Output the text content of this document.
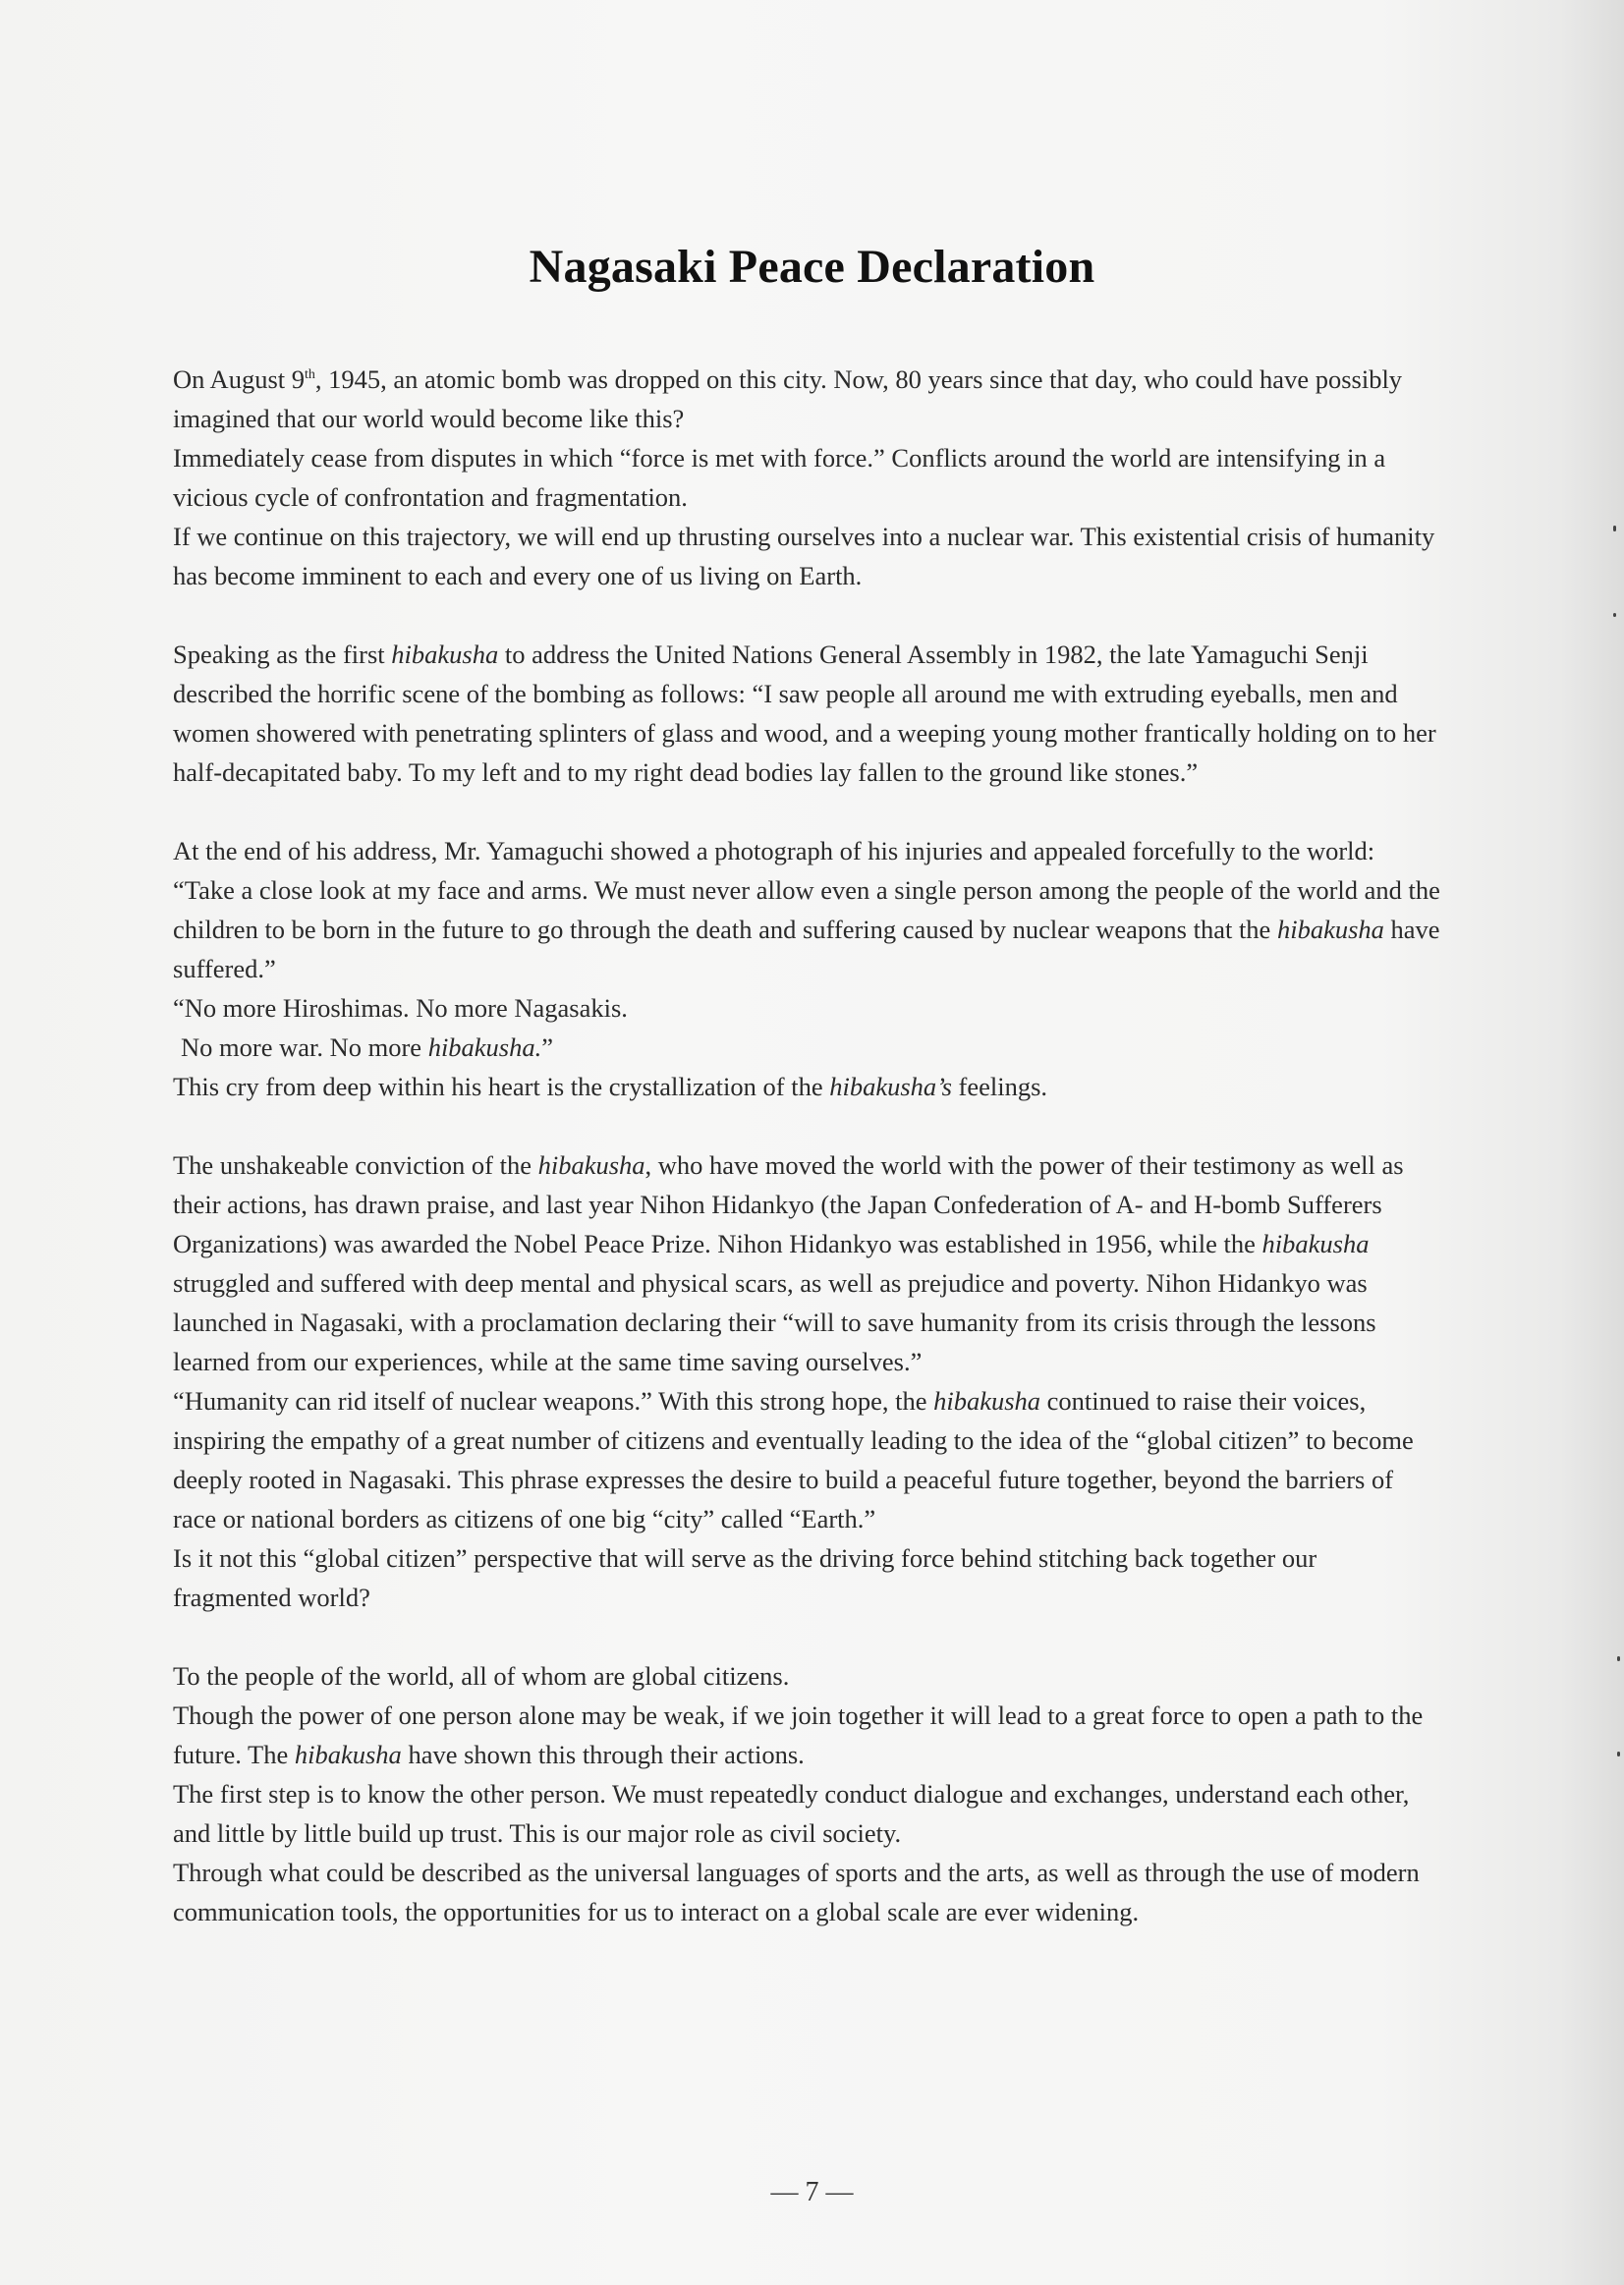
Nagasaki Peace Declaration

On August 9th, 1945, an atomic bomb was dropped on this city. Now, 80 years since that day, who could have possibly imagined that our world would become like this?

Immediately cease from disputes in which “force is met with force.” Conflicts around the world are intensifying in a vicious cycle of confrontation and fragmentation.

If we continue on this trajectory, we will end up thrusting ourselves into a nuclear war. This existential crisis of humanity has become imminent to each and every one of us living on Earth.

Speaking as the first hibakusha to address the United Nations General Assembly in 1982, the late Yamaguchi Senji described the horrific scene of the bombing as follows: “I saw people all around me with extruding eyeballs, men and women showered with penetrating splinters of glass and wood, and a weeping young mother frantically holding on to her half-decapitated baby. To my left and to my right dead bodies lay fallen to the ground like stones.”

At the end of his address, Mr. Yamaguchi showed a photograph of his injuries and appealed forcefully to the world: “Take a close look at my face and arms. We must never allow even a single person among the people of the world and the children to be born in the future to go through the death and suffering caused by nuclear weapons that the hibakusha have suffered.”

“No more Hiroshimas. No more Nagasakis.

No more war. No more hibakusha.”

This cry from deep within his heart is the crystallization of the hibakusha’s feelings.

The unshakeable conviction of the hibakusha, who have moved the world with the power of their testimony as well as their actions, has drawn praise, and last year Nihon Hidankyo (the Japan Confederation of A- and H-bomb Sufferers Organizations) was awarded the Nobel Peace Prize. Nihon Hidankyo was established in 1956, while the hibakusha struggled and suffered with deep mental and physical scars, as well as prejudice and poverty. Nihon Hidankyo was launched in Nagasaki, with a proclamation declaring their “will to save humanity from its crisis through the lessons learned from our experiences, while at the same time saving ourselves.”

“Humanity can rid itself of nuclear weapons.” With this strong hope, the hibakusha continued to raise their voices, inspiring the empathy of a great number of citizens and eventually leading to the idea of the “global citizen” to become deeply rooted in Nagasaki. This phrase expresses the desire to build a peaceful future together, beyond the barriers of race or national borders as citizens of one big “city” called “Earth.”

Is it not this “global citizen” perspective that will serve as the driving force behind stitching back together our fragmented world?

To the people of the world, all of whom are global citizens.

Though the power of one person alone may be weak, if we join together it will lead to a great force to open a path to the future. The hibakusha have shown this through their actions.

The first step is to know the other person. We must repeatedly conduct dialogue and exchanges, understand each other, and little by little build up trust. This is our major role as civil society.

Through what could be described as the universal languages of sports and the arts, as well as through the use of modern communication tools, the opportunities for us to interact on a global scale are ever widening.

— 7 —
